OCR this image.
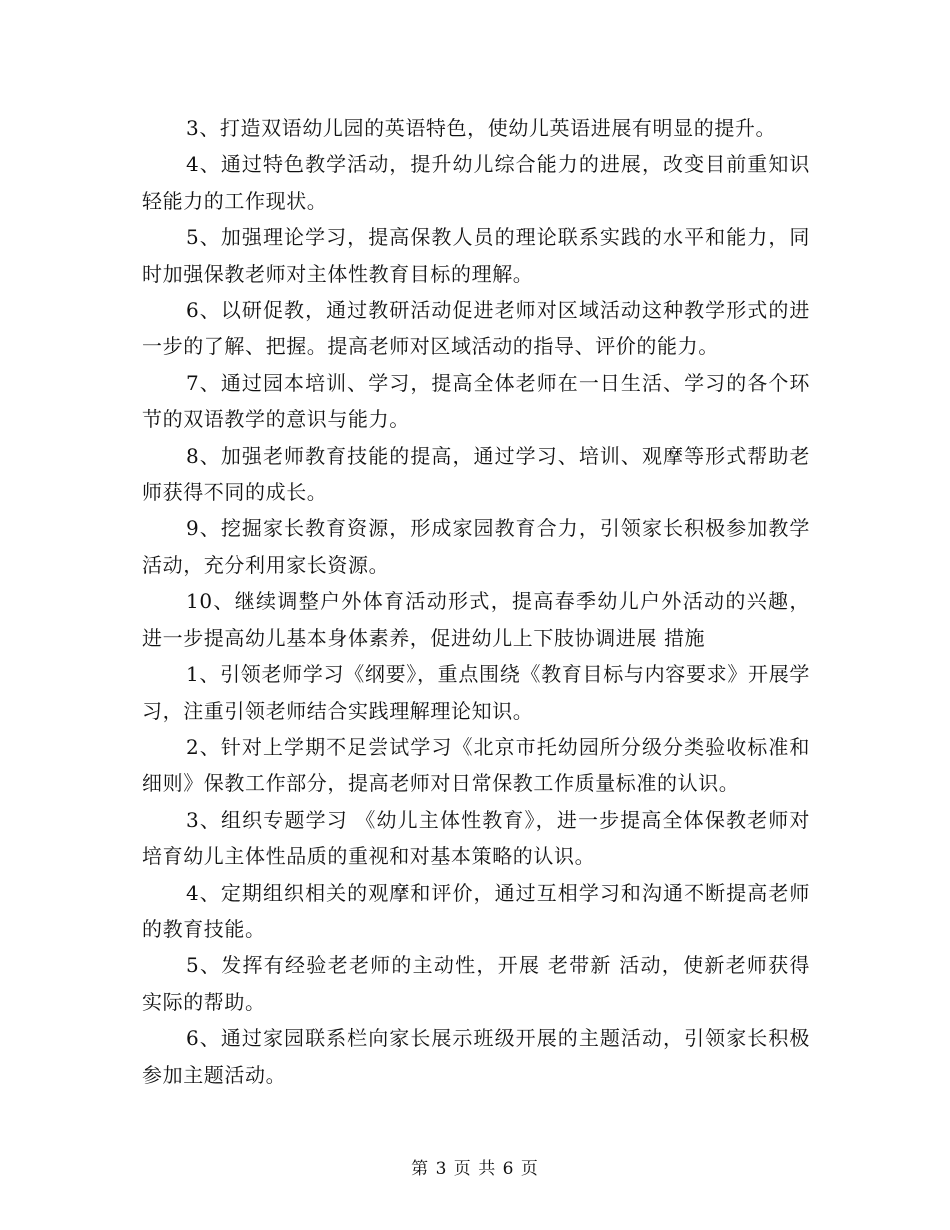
3、打造双语幼儿园的英语特色，使幼儿英语进展有明显的提升。

4、通过特色教学活动，提升幼儿综合能力的进展，改变目前重知识轻能力的工作现状。

5、加强理论学习，提高保教人员的理论联系实践的水平和能力，同时加强保教老师对主体性教育目标的理解。

6、以研促教，通过教研活动促进老师对区域活动这种教学形式的进一步的了解、把握。提高老师对区域活动的指导、评价的能力。

7、通过园本培训、学习，提高全体老师在一日生活、学习的各个环节的双语教学的意识与能力。

8、加强老师教育技能的提高，通过学习、培训、观摩等形式帮助老师获得不同的成长。

9、挖掘家长教育资源，形成家园教育合力，引领家长积极参加教学活动，充分利用家长资源。

10、继续调整户外体育活动形式，提高春季幼儿户外活动的兴趣，进一步提高幼儿基本身体素养，促进幼儿上下肢协调进展 措施

1、引领老师学习《纲要》，重点围绕《教育目标与内容要求》开展学习，注重引领老师结合实践理解理论知识。

2、针对上学期不足尝试学习《北京市托幼园所分级分类验收标准和细则》保教工作部分，提高老师对日常保教工作质量标准的认识。

3、组织专题学习 《幼儿主体性教育》，进一步提高全体保教老师对培育幼儿主体性品质的重视和对基本策略的认识。

4、定期组织相关的观摩和评价，通过互相学习和沟通不断提高老师的教育技能。

5、发挥有经验老老师的主动性，开展 老带新 活动，使新老师获得实际的帮助。

6、通过家园联系栏向家长展示班级开展的主题活动，引领家长积极参加主题活动。

第 3 页 共 6 页
